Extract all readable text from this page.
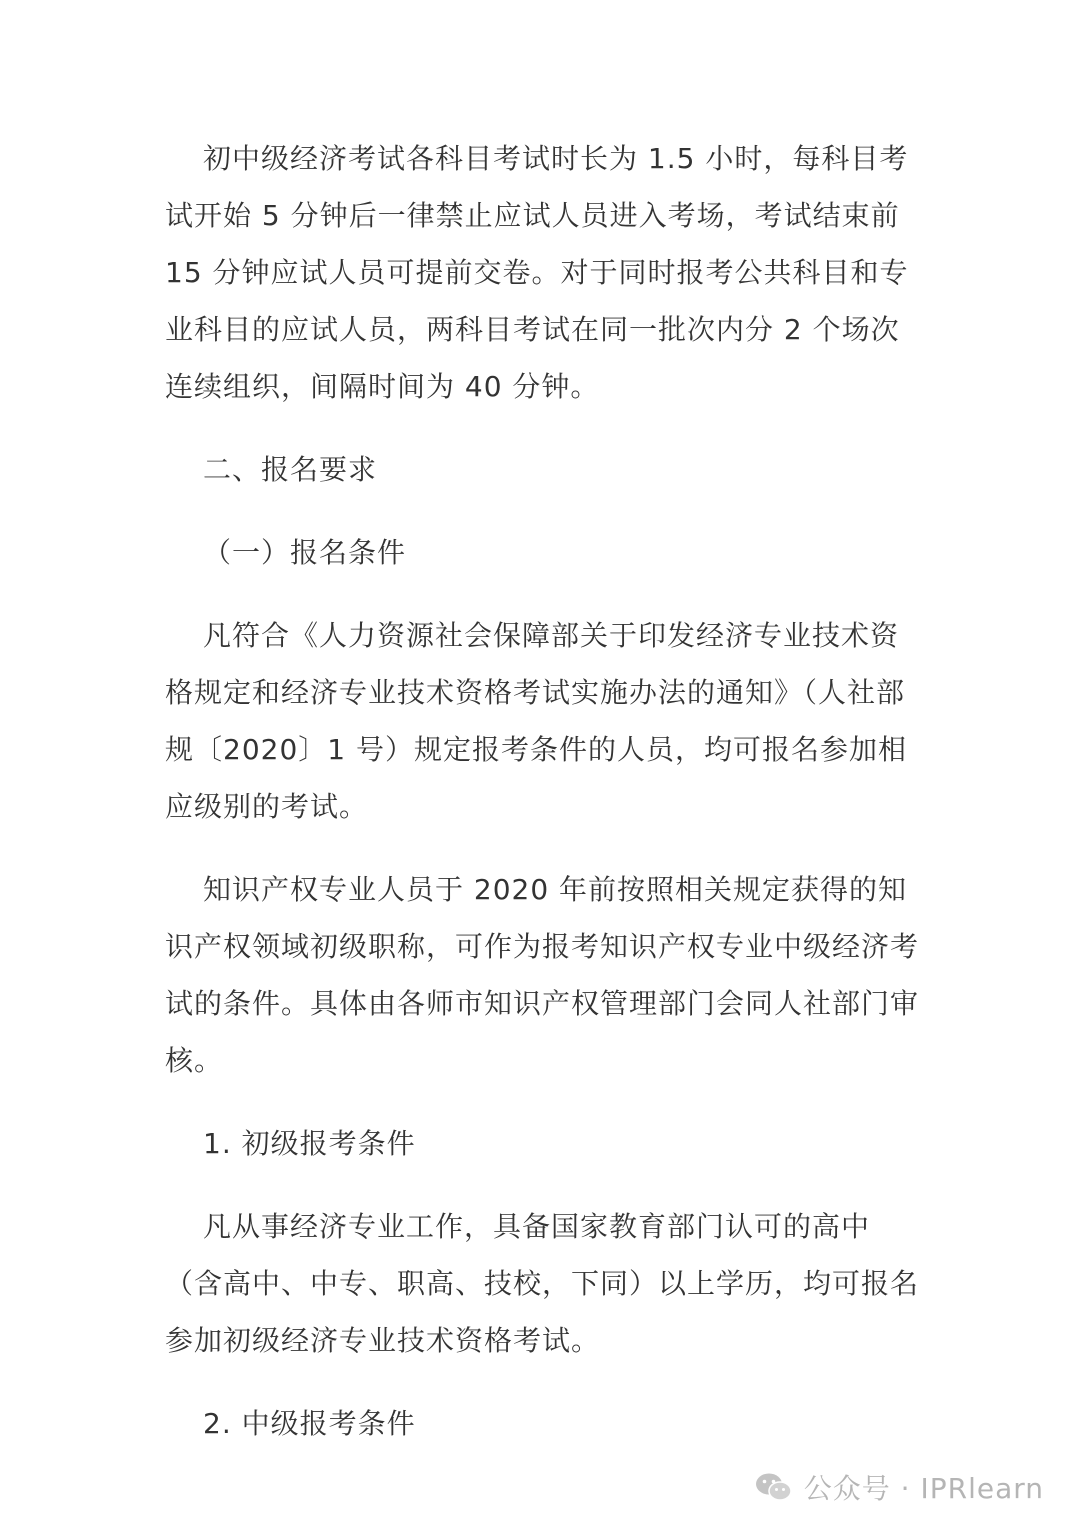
初中级经济考试各科目考试时长为 1.5 小时，每科目考试开始 5 分钟后一律禁止应试人员进入考场，考试结束前 15 分钟应试人员可提前交卷。对于同时报考公共科目和专业科目的应试人员，两科目考试在同一批次内分 2 个场次连续组织，间隔时间为 40 分钟。

二、报名要求

（一）报名条件

凡符合《人力资源社会保障部关于印发经济专业技术资格规定和经济专业技术资格考试实施办法的通知》（人社部规〔2020〕1 号）规定报考条件的人员，均可报名参加相应级别的考试。

知识产权专业人员于 2020 年前按照相关规定获得的知识产权领域初级职称，可作为报考知识产权专业中级经济考试的条件。具体由各师市知识产权管理部门会同人社部门审核。

1. 初级报考条件

凡从事经济专业工作，具备国家教育部门认可的高中（含高中、中专、职高、技校，下同）以上学历，均可报名参加初级经济专业技术资格考试。

2. 中级报考条件

公众号 · IPRlearn
